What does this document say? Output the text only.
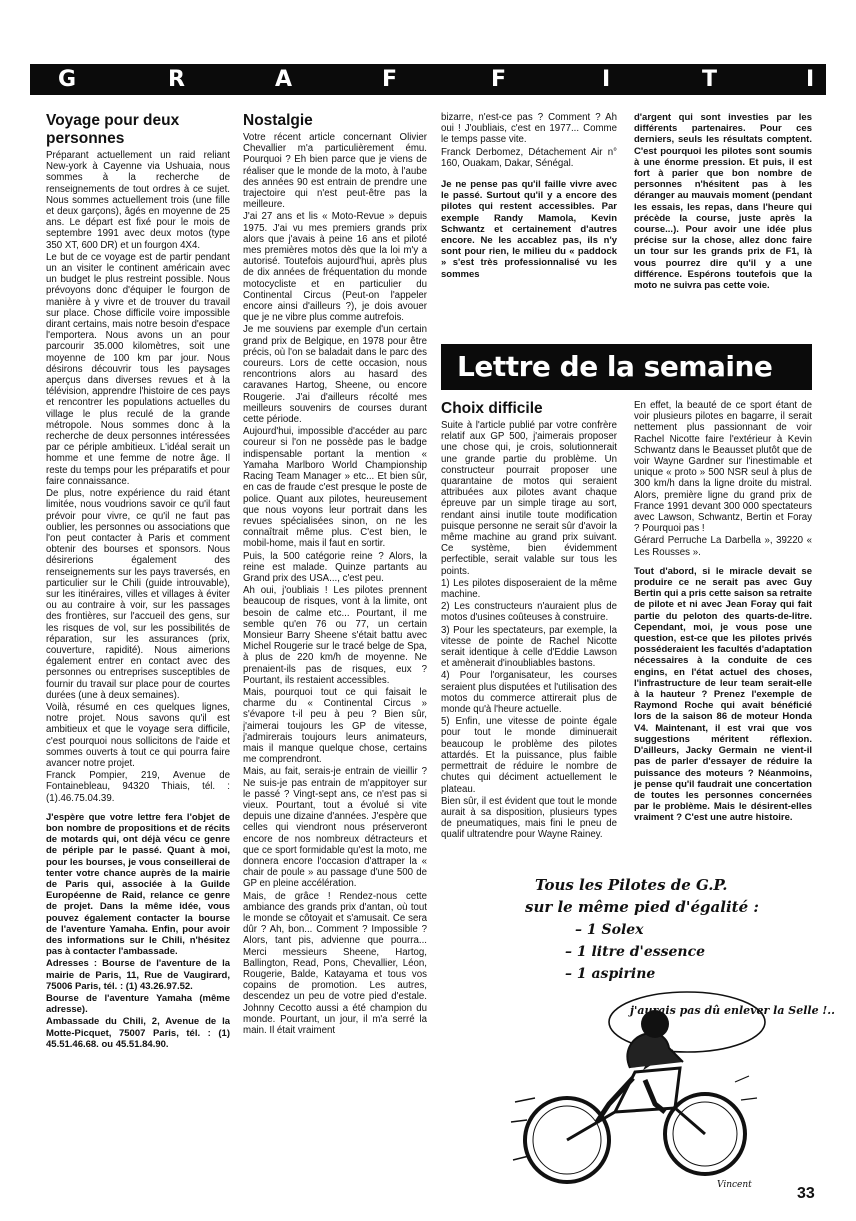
G	R	A	F	F	I	T	I
Voyage pour deux personnes

Préparant actuellement un raid reliant New-york à Cayenne via Ushuaia, nous sommes à la recherche de renseignements de tout ordres à ce sujet. Nous sommes actuellement trois (une fille et deux garçons), âgés en moyenne de 25 ans. Le départ est fixé pour le mois de septembre 1991 avec deux motos (type 350 XT, 600 DR) et un fourgon 4X4.

Le but de ce voyage est de partir pendant un an visiter le continent américain avec un budget le plus restreint possible. Nous prévoyons donc d'équiper le fourgon de manière à y vivre et de trouver du travail sur place. Chose difficile voire impossible dirant certains, mais notre besoin d'espace l'emportera. Nous avons un an pour parcourir 35.000 kilomètres, soit une moyenne de 100 km par jour. Nous désirons découvrir tous les paysages aperçus dans diverses revues et à la télévision, apprendre l'histoire de ces pays et rencontrer les populations actuelles du village le plus reculé de la grande métropole. Nous sommes donc à la recherche de deux personnes intéressées par ce périple ambitieux. L'idéal serait un homme et une femme de notre âge. Il reste du temps pour les préparatifs et pour faire connaissance.

De plus, notre expérience du raid étant limitée, nous voudrions savoir ce qu'il faut prévoir pour vivre, ce qu'il ne faut pas oublier, les personnes ou associations que l'on peut contacter à Paris et comment obtenir des bourses et sponsors. Nous désirerions également des renseignements sur les pays traversés, en particulier sur le Chili (guide introuvable), sur les itinéraires, villes et villages à éviter ou au contraire à voir, sur les passages des frontières, sur l'accueil des gens, sur les risques de vol, sur les possibilités de réparation, sur les assurances (prix, couverture, rapidité). Nous aimerions également entrer en contact avec des personnes ou entreprises susceptibles de fournir du travail sur place pour de courtes durées (une à deux semaines).

Voilà, résumé en ces quelques lignes, notre projet. Nous savons qu'il est ambitieux et que le voyage sera difficile, c'est pourquoi nous sollicitons de l'aide et sommes ouverts à tout ce qui pourra faire avancer notre projet.

Franck Pompier, 219, Avenue de Fontainebleau, 94320 Thiais, tél. : (1).46.75.04.39.

J'espère que votre lettre fera l'objet de bon nombre de propositions et de récits de motards qui, ont déjà vécu ce genre de périple par le passé. Quant à moi, pour les bourses, je vous conseillerai de tenter votre chance auprès de la mairie de Paris qui, associée à la Guilde Européenne de Raid, relance ce genre de projet. Dans la même idée, vous pouvez également contacter la bourse de l'aventure Yamaha. Enfin, pour avoir des informations sur le Chili, n'hésitez pas à contacter l'ambassade.

Adresses : Bourse de l'aventure de la mairie de Paris, 11, Rue de Vaugirard, 75006 Paris, tél. : (1) 43.26.97.52.

Bourse de l'aventure Yamaha (même adresse).

Ambassade du Chili, 2, Avenue de la Motte-Picquet, 75007 Paris, tél. : (1) 45.51.46.68. ou 45.51.84.90.

Nostalgie

Votre récent article concernant Olivier Chevallier m'a particulièrement ému. Pourquoi ? Eh bien parce que je viens de réaliser que le monde de la moto, à l'aube des années 90 est entrain de prendre une trajectoire qui n'est peut-être pas la meilleure.

J'ai 27 ans et lis « Moto-Revue » depuis 1975. J'ai vu mes premiers grands prix alors que j'avais à peine 16 ans et piloté mes premières motos dès que la loi m'y a autorisé. Toutefois aujourd'hui, après plus de dix années de fréquentation du monde motocycliste et en particulier du Continental Circus (Peut-on l'appeler encore ainsi d'ailleurs ?), je dois avouer que je ne vibre plus comme autrefois.

Je me souviens par exemple d'un certain grand prix de Belgique, en 1978 pour être précis, où l'on se baladait dans le parc des coureurs. Lors de cette occasion, nous rencontrions alors au hasard des caravanes Hartog, Sheene, ou encore Rougerie. J'ai d'ailleurs récolté mes meilleurs souvenirs de courses durant cette période.

Aujourd'hui, impossible d'accéder au parc coureur si l'on ne possède pas le badge indispensable portant la mention « Yamaha Marlboro World Championship Racing Team Manager » etc... Et bien sûr, en cas de fraude c'est presque le poste de police. Quant aux pilotes, heureusement que nous voyons leur portrait dans les revues spécialisées sinon, on ne les connaîtrait même plus. C'est bien, le mobil-home, mais il faut en sortir.

Puis, la 500 catégorie reine ? Alors, la reine est malade. Quinze partants au Grand prix des USA..., c'est peu.

Ah oui, j'oubliais ! Les pilotes prennent beaucoup de risques, vont à la limite, ont besoin de calme etc... Pourtant, il me semble qu'en 76 ou 77, un certain Monsieur Barry Sheene s'était battu avec Michel Rougerie sur le tracé belge de Spa, à plus de 220 km/h de moyenne. Ne prenaient-ils pas de risques, eux ? Pourtant, ils restaient accessibles.

Mais, pourquoi tout ce qui faisait le charme du « Continental Circus » s'évapore t-il peu à peu ? Bien sûr, j'aimerai toujours les GP de vitesse, j'admirerais toujours leurs animateurs, mais il manque quelque chose, certains me comprendront.

Mais, au fait, serais-je entrain de vieillir ? Ne suis-je pas entrain de m'appitoyer sur le passé ? Vingt-sept ans, ce n'est pas si vieux. Pourtant, tout a évolué si vite depuis une dizaine d'années. J'espère que celles qui viendront nous préserveront encore de nos nombreux détracteurs et que ce sport formidable qu'est la moto, me donnera encore l'occasion d'attraper la « chair de poule » au passage d'une 500 de GP en pleine accélération.

Mais, de grâce ! Rendez-nous cette ambiance des grands prix d'antan, où tout le monde se côtoyait et s'amusait. Ce sera dûr ? Ah, bon... Comment ? Impossible ? Alors, tant pis, advienne que pourra... Merci messieurs Sheene, Hartog, Ballington, Read, Pons, Chevallier, Léon, Rougerie, Balde, Katayama et tous vos copains de promotion. Les autres, descendez un peu de votre pied d'estale. Johnny Cecotto aussi a été champion du monde. Pourtant, un jour, il m'a serré la main. Il était vraiment

bizarre, n'est-ce pas ? Comment ? Ah oui ! J'oubliais, c'est en 1977... Comme le temps passe vite.

Franck Derbomez, Détachement Air n° 160, Ouakam, Dakar, Sénégal.

Je ne pense pas qu'il faille vivre avec le passé. Surtout qu'il y a encore des pilotes qui restent accessibles. Par exemple Randy Mamola, Kevin Schwantz et certainement d'autres encore. Ne les accablez pas, ils n'y sont pour rien, le milieu du « paddock » s'est très professionnalisé vu les sommes

d'argent qui sont investies par les différents partenaires. Pour ces derniers, seuls les résultats comptent. C'est pourquoi les pilotes sont soumis à une énorme pression. Et puis, il est fort à parier que bon nombre de personnes n'hésitent pas à les déranger au mauvais moment (pendant les essais, les repas, dans l'heure qui précède la course, juste après la course...). Pour avoir une idée plus précise sur la chose, allez donc faire un tour sur les grands prix de F1, là vous pourrez dire qu'il y a une différence. Espérons toutefois que la moto ne suivra pas cette voie.

Lettre de la semaine
Choix difficile

Suite à l'article publié par votre confrère relatif aux GP 500, j'aimerais proposer une chose qui, je crois, solutionnerait une grande partie du problème. Un constructeur pourrait proposer une quarantaine de motos qui seraient attribuées aux pilotes avant chaque épreuve par un simple tirage au sort, rendant ainsi inutile toute modification puisque personne ne serait sûr d'avoir la même machine au grand prix suivant. Ce système, bien évidemment perfectible, serait valable sur tous les points.

1) Les pilotes disposeraient de la même machine.

2) Les constructeurs n'auraient plus de motos d'usines coûteuses à construire.

3) Pour les spectateurs, par exemple, la vitesse de pointe de Rachel Nicotte serait identique à celle d'Eddie Lawson et amènerait d'inoubliables bastons.

4) Pour l'organisateur, les courses seraient plus disputées et l'utilisation des motos du commerce attirerait plus de monde qu'à l'heure actuelle.

5) Enfin, une vitesse de pointe égale pour tout le monde diminuerait beaucoup le problème des pilotes attardés. Et la puissance, plus faible permettrait de réduire le nombre de chutes qui déciment actuellement le plateau.

Bien sûr, il est évident que tout le monde aurait à sa disposition, plusieurs types de pneumatiques, mais fini le pneu de qualif ultratendre pour Wayne Rainey.

En effet, la beauté de ce sport étant de voir plusieurs pilotes en bagarre, il serait nettement plus passionnant de voir Rachel Nicotte faire l'extérieur à Kevin Schwantz dans le Beausset plutôt que de voir Wayne Gardner sur l'inestimable et unique « proto » 500 NSR seul à plus de 300 km/h dans la ligne droite du mistral. Alors, première ligne du grand prix de France 1991 devant 300 000 spectateurs avec Lawson, Schwantz, Bertin et Foray ? Pourquoi pas !

Gérard Perruche La Darbella », 39220 « Les Rousses ».

Tout d'abord, si le miracle devait se produire ce ne serait pas avec Guy Bertin qui a pris cette saison sa retraite de pilote et ni avec Jean Foray qui fait partie du peloton des quarts-de-litre. Cependant, moi, je vous pose une question, est-ce que les pilotes privés posséderaient les facultés d'adaptation nécessaires à la conduite de ces engins, en l'état actuel des choses, l'infrastructure de leur team serait-elle à la hauteur ? Prenez l'exemple de Raymond Roche qui avait bénéficié lors de la saison 86 de moteur Honda V4. Maintenant, il est vrai que vos suggestions méritent réflexion. D'ailleurs, Jacky Germain ne vient-il pas de parler d'essayer de réduire la puissance des moteurs ? Néanmoins, je pense qu'il faudrait une concertation de toutes les personnes concernées par le problème. Mais le désirent-elles vraiment ? C'est une autre histoire.

Tous les Pilotes de G.P.
sur le même pied d'égalité :
– 1 Solex
– 1 litre d'essence
– 1 aspirine
j'aurais pas dû enlever la Selle !..
Vincent	33
